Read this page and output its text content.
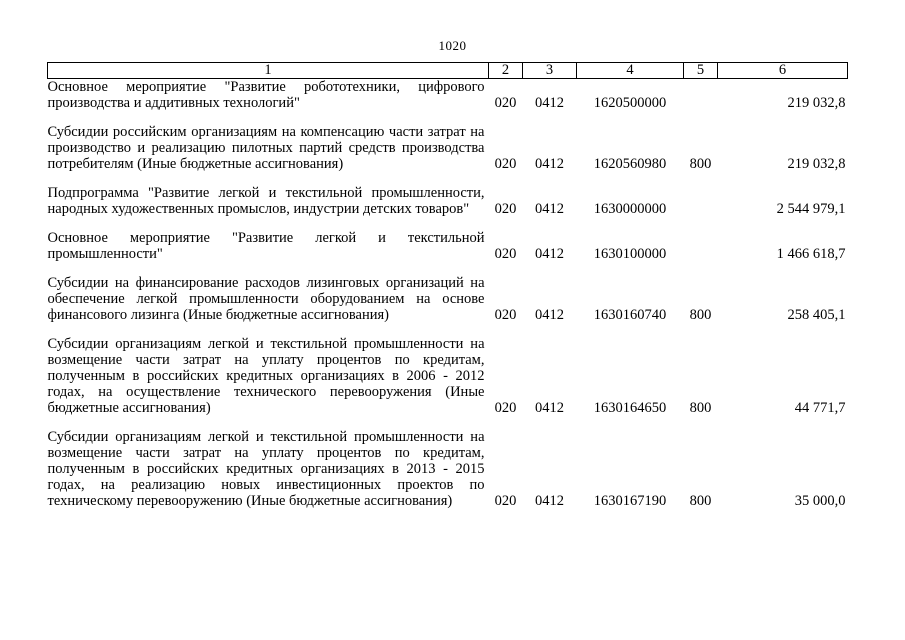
1020
1	2	3	4	5	6
Основное мероприятие "Развитие робототехники, цифрового производства и аддитивных технологий"	020	0412	1620500000		219 032,8

Субсидии российским организациям на компенсацию части затрат на производство и реализацию пилотных партий средств производства потребителям (Иные бюджетные ассигнования)	020	0412	1620560980	800	219 032,8

Подпрограмма "Развитие легкой и текстильной промышленности, народных художественных промыслов, индустрии детских товаров"	020	0412	1630000000		2 544 979,1

Основное мероприятие "Развитие легкой и текстильной промышленности"	020	0412	1630100000		1 466 618,7

Субсидии на финансирование расходов лизинговых организаций на обеспечение легкой промышленности оборудованием на основе финансового лизинга (Иные бюджетные ассигнования)	020	0412	1630160740	800	258 405,1

Субсидии организациям легкой и текстильной промышленности на возмещение части затрат на уплату процентов по кредитам, полученным в российских кредитных организациях в 2006 - 2012 годах, на осуществление технического перевооружения (Иные бюджетные ассигнования)	020	0412	1630164650	800	44 771,7

Субсидии организациям легкой и текстильной промышленности на возмещение части затрат на уплату процентов по кредитам, полученным в российских кредитных организациях в 2013 - 2015 годах, на реализацию новых инвестиционных проектов по техническому перевооружению (Иные бюджетные ассигнования)	020	0412	1630167190	800	35 000,0
